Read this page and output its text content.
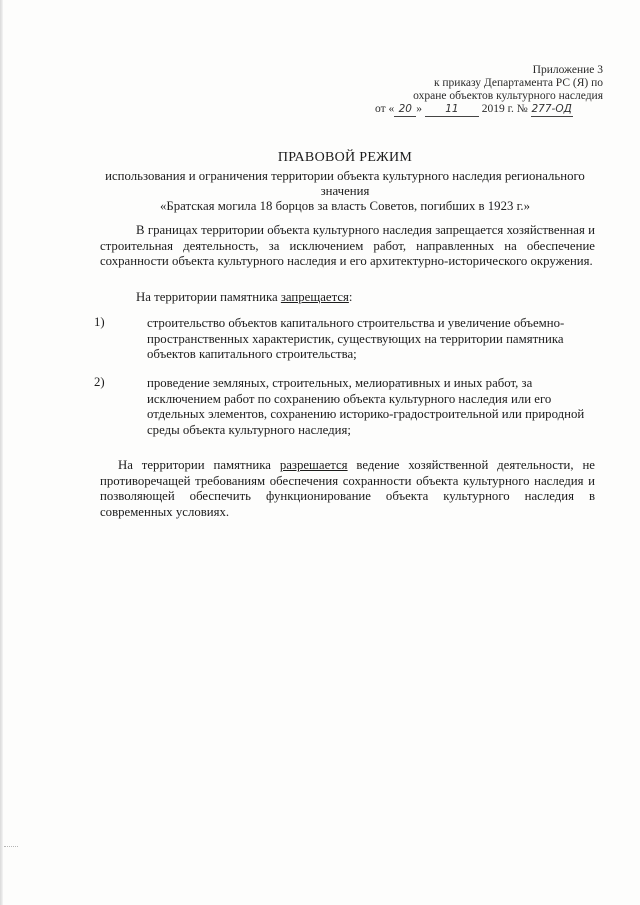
Приложение 3
к приказу Департамента РС (Я) по
охране объектов культурного наследия
от « 20 » 11 2019 г. № 277-ОД
ПРАВОВОЙ РЕЖИМ

использования и ограничения территории объекта культурного наследия регионального

значения

«Братская могила 18 борцов за власть Советов, погибших в 1923 г.»

В границах территории объекта культурного наследия запрещается хозяйственная и строительная деятельность, за исключением работ, направленных на обеспечение сохранности объекта культурного наследия и его архитектурно-исторического окружения.
На территории памятника запрещается:
1)	строительство объектов капитального строительства и увеличение объемно-пространственных характеристик, существующих на территории памятника объектов капитального строительства;
2)	проведение земляных, строительных, мелиоративных и иных работ, за исключением работ по сохранению объекта культурного наследия или его отдельных элементов, сохранению историко-градостроительной или природной среды объекта культурного наследия;
На территории памятника разрешается ведение хозяйственной деятельности, не противоречащей требованиям обеспечения сохранности объекта культурного наследия и позволяющей обеспечить функционирование объекта культурного наследия в современных условиях.
